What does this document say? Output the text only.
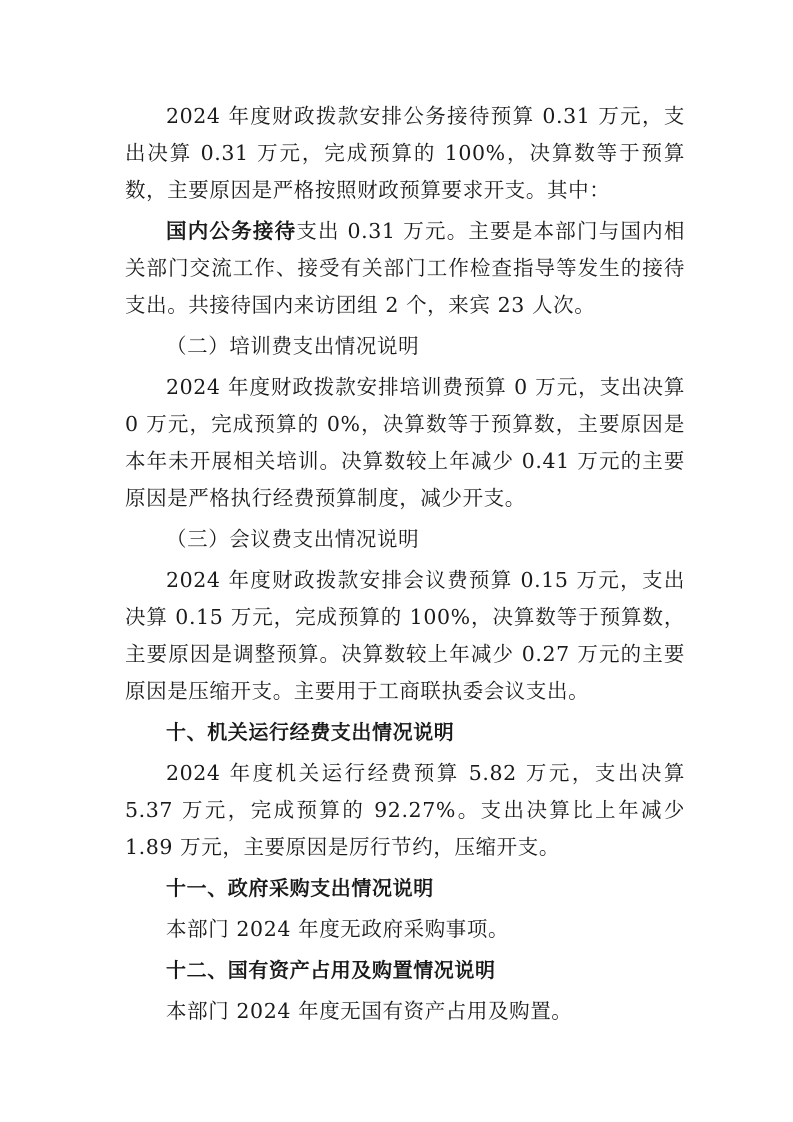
2024 年度财政拨款安排公务接待预算 0.31 万元，支出决算 0.31 万元，完成预算的 100%，决算数等于预算数，主要原因是严格按照财政预算要求开支。其中：

国内公务接待支出 0.31 万元。主要是本部门与国内相关部门交流工作、接受有关部门工作检查指导等发生的接待支出。共接待国内来访团组 2 个，来宾 23 人次。

（二）培训费支出情况说明

2024 年度财政拨款安排培训费预算 0 万元，支出决算 0 万元，完成预算的 0%，决算数等于预算数，主要原因是本年未开展相关培训。决算数较上年减少 0.41 万元的主要原因是严格执行经费预算制度，减少开支。

（三）会议费支出情况说明

2024 年度财政拨款安排会议费预算 0.15 万元，支出决算 0.15 万元，完成预算的 100%，决算数等于预算数，主要原因是调整预算。决算数较上年减少 0.27 万元的主要原因是压缩开支。主要用于工商联执委会议支出。

十、机关运行经费支出情况说明

2024 年度机关运行经费预算 5.82 万元，支出决算 5.37 万元，完成预算的 92.27%。支出决算比上年减少 1.89 万元，主要原因是厉行节约，压缩开支。

十一、政府采购支出情况说明

本部门 2024 年度无政府采购事项。

十二、国有资产占用及购置情况说明

本部门 2024 年度无国有资产占用及购置。
